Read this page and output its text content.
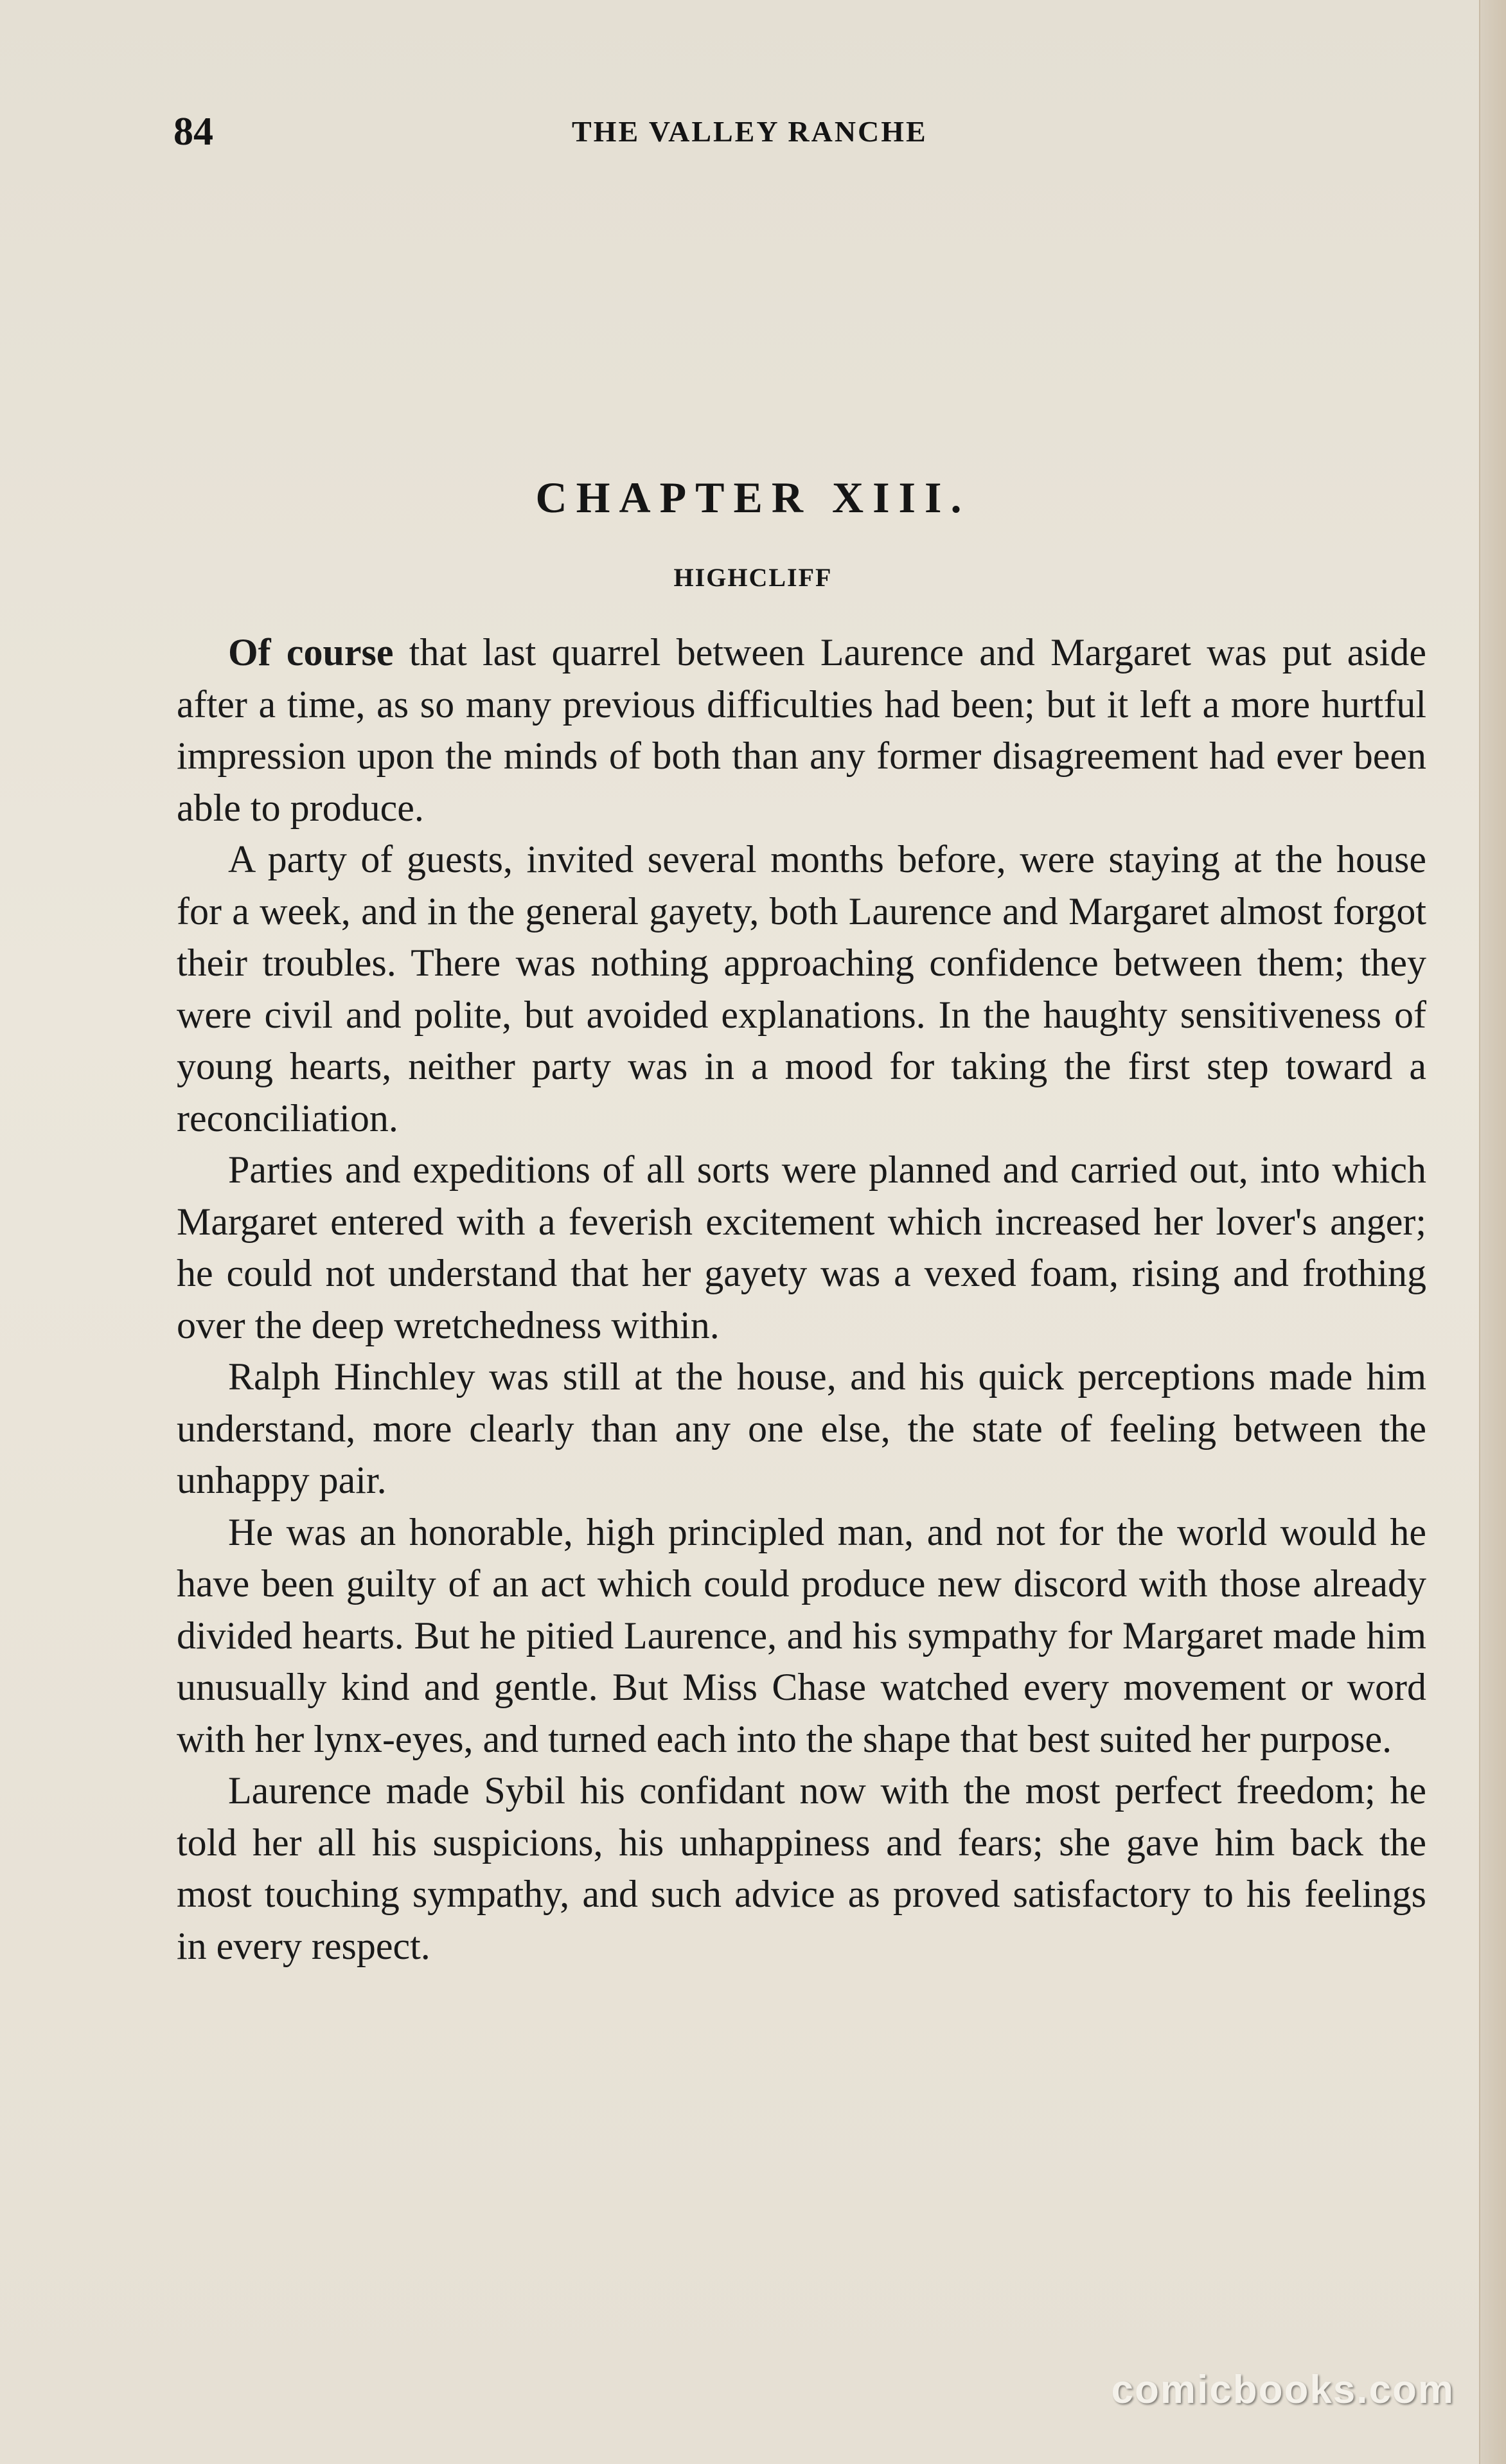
84	THE VALLEY RANCHE
CHAPTER XIII.
HIGHCLIFF

Of course that last quarrel between Laurence and Margaret was put aside after a time, as so many previous difficulties had been; but it left a more hurtful impression upon the minds of both than any former disagreement had ever been able to produce.

A party of guests, invited several months before, were staying at the house for a week, and in the general gayety, both Laurence and Margaret almost forgot their troubles. There was nothing approaching confidence between them; they were civil and polite, but avoided explanations. In the haughty sensitiveness of young hearts, neither party was in a mood for taking the first step toward a reconciliation.

Parties and expeditions of all sorts were planned and carried out, into which Margaret entered with a feverish excitement which increased her lover's anger; he could not understand that her gayety was a vexed foam, rising and frothing over the deep wretchedness within.

Ralph Hinchley was still at the house, and his quick perceptions made him understand, more clearly than any one else, the state of feeling between the unhappy pair.

He was an honorable, high principled man, and not for the world would he have been guilty of an act which could produce new discord with those already divided hearts. But he pitied Laurence, and his sympathy for Margaret made him unusually kind and gentle. But Miss Chase watched every movement or word with her lynx-eyes, and turned each into the shape that best suited her purpose.

Laurence made Sybil his confidant now with the most perfect freedom; he told her all his suspicions, his unhappiness and fears; she gave him back the most touching sympathy, and such advice as proved satisfactory to his feelings in every respect.

comicbooks.com
